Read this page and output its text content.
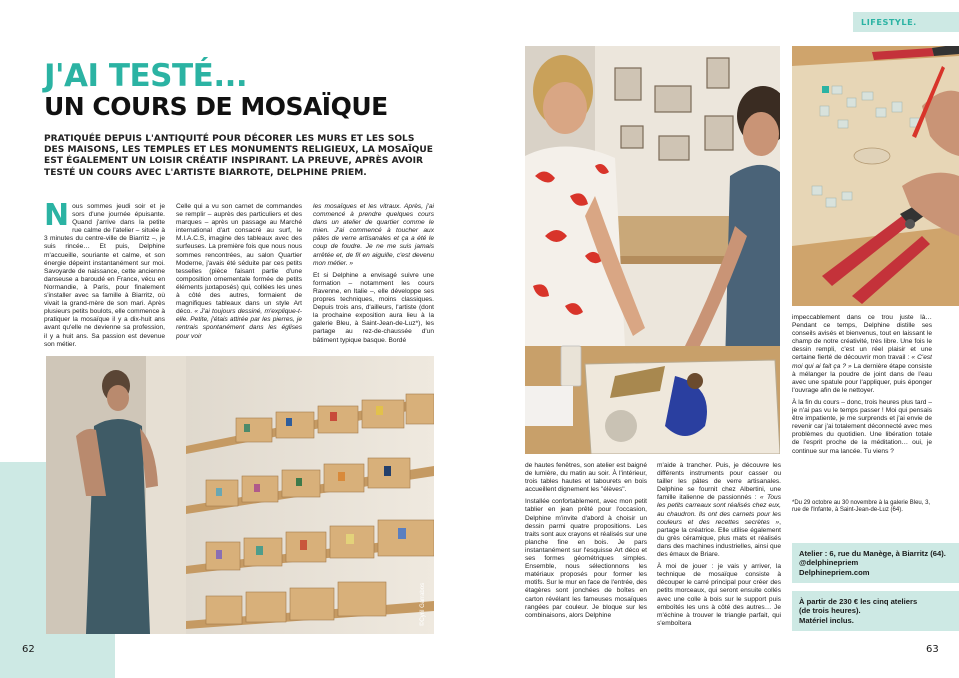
J'AI TESTÉ...
UN COURS DE MOSAÏQUE
PRATIQUÉE DEPUIS L'ANTIQUITÉ POUR DÉCORER LES MURS ET LES SOLS DES MAISONS, LES TEMPLES ET LES MONUMENTS RELIGIEUX, LA MOSAÏQUE EST ÉGALEMENT UN LOISIR CRÉATIF INSPIRANT. LA PREUVE, APRÈS AVOIR TESTÉ UN COURS AVEC L'ARTISTE BIARROTE, DELPHINE PRIEM.

Nous sommes jeudi soir et je sors d'une journée épuisante. Quand j'arrive dans la petite rue calme de l'atelier – située à 3 minutes du centre-ville de Biarritz –, je suis rincée… Et puis, Delphine m'accueille, souriante et calme, et son énergie dépeint instantanément sur moi. Savoyarde de naissance, cette ancienne danseuse a baroudé en France, vécu en Normandie, à Paris, pour finalement s'installer avec sa famille à Biarritz, où vivait la grand-mère de son mari. Après plusieurs petits boulots, elle commence à pratiquer la mosaïque il y a dix-huit ans avant qu'elle ne devienne sa profession, il y a huit ans. Sa passion est devenue son métier.

Celle qui a vu son carnet de commandes se remplir – auprès des particuliers et des marques – après un passage au Marché international d'art consacré au surf, le M.I.A.C.S, imagine des tableaux avec des surfeuses. La première fois que nous nous sommes rencontrées, au salon Quartier Moderne, j'avais été séduite par ces petits tesselles (pièce faisant partie d'une composition ornementale formée de petits éléments juxtaposés) qui, collées les unes à côté des autres, formaient de magnifiques tableaux dans un style Art déco. « J'ai toujours dessiné, m'explique-t-elle. Petite, j'étais attirée par les pierres, je rentrais spontanément dans les églises pour voir

les mosaïques et les vitraux. Après, j'ai commencé à prendre quelques cours dans un atelier de quartier comme le mien. J'ai commencé à toucher aux pâtes de verre artisanales et ça a été le coup de foudre. Je ne me suis jamais arrêtée et, de fil en aiguille, c'est devenu mon métier. »

Et si Delphine a envisagé suivre une formation – notamment les cours Ravenne, en Italie –, elle développe ses propres techniques, moins classiques. Depuis trois ans, d'ailleurs, l'artiste (dont la prochaine exposition aura lieu à la galerie Bleu, à Saint-Jean-de-Luz*), les partage au rez-de-chaussée d'un bâtiment typique basque. Bordé

©Cyril Garrabos
62
LIFESTYLE.

de hautes fenêtres, son atelier est baigné de lumière, du matin au soir. À l'intérieur, trois tables hautes et tabourets en bois accueillent dignement les "élèves".

Installée confortablement, avec mon petit tablier en jean prêté pour l'occasion, Delphine m'invite d'abord à choisir un dessin parmi quatre propositions. Les traits sont aux crayons et réalisés sur une planche fine en bois. Je pars instantanément sur l'esquisse Art déco et ses formes géométriques simples. Ensemble, nous sélectionnons les matériaux proposés pour former les motifs. Sur le mur en face de l'entrée, des étagères sont jonchées de boîtes en carton révélant les fameuses mosaïques rangées par couleur. Je bloque sur les combinaisons, alors Delphine

m'aide à trancher. Puis, je découvre les différents instruments pour casser ou tailler les pâtes de verre artisanales. Delphine se fournit chez Albertini, une famille italienne de passionnés : « Tous les petits carreaux sont réalisés chez eux, au chaudron. Ils ont des carnets pour les couleurs et des recettes secrètes », partage la créatrice. Elle utilise également du grès céramique, plus mats et réalisés dans des machines industrielles, ainsi que des émaux de Briare.

À moi de jouer : je vais y arriver, la technique de mosaïque consiste à découper le carré principal pour créer des petits morceaux, qui seront ensuite collés avec une colle à bois sur le support puis emboîtés les uns à côté des autres… Je m'échine à trouver le triangle parfait, qui s'emboîtera

impeccablement dans ce trou juste là… Pendant ce temps, Delphine distille ses conseils avisés et bienvenus, tout en laissant le champ de notre créativité, très libre. Une fois le dessin rempli, c'est un réel plaisir et une certaine fierté de découvrir mon travail : « C'est moi qui ai fait ça ? » La dernière étape consiste à mélanger la poudre de joint dans de l'eau avec une spatule pour l'appliquer, puis éponger l'ouvrage afin de le nettoyer.

À la fin du cours – donc, trois heures plus tard – je n'ai pas vu le temps passer ! Moi qui pensais être impatiente, je me surprends et j'ai envie de revenir car j'ai totalement déconnecté avec mes problèmes du quotidien. Une libération totale de l'esprit proche de la méditation… oui, je continue sur ma lancée. Tu viens ?

*Du 29 octobre au 30 novembre à la galerie Bleu, 3, rue de l'Infante, à Saint-Jean-de-Luz (64).
Atelier : 6, rue du Manège, à Biarritz (64).
@delphinepriem
Delphinepriem.com
À partir de 230 € les cinq ateliers
(de trois heures).
Matériel inclus.
63
